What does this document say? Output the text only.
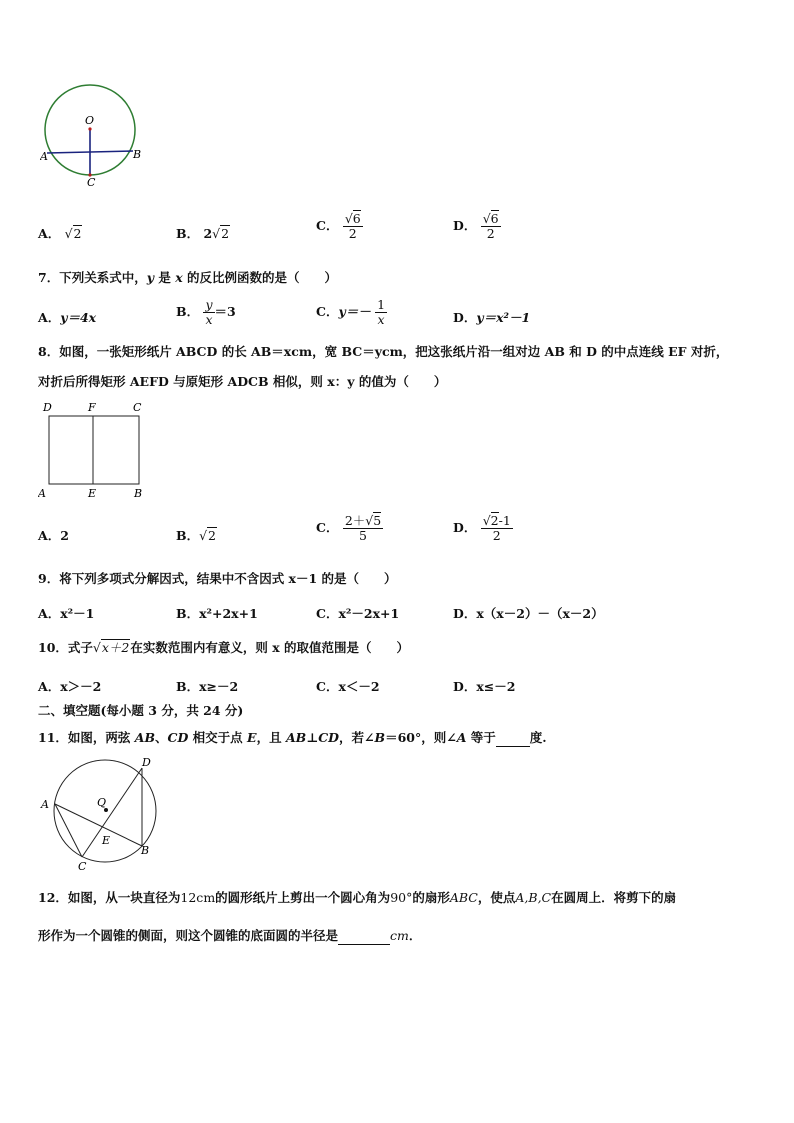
O
A	B
C
A． √2	B． 2√2
C． $\frac{√6}{2}$	D． $\frac{√6}{2}$
7．下列关系式中，y 是 x 的反比例函数的是（　　）
A．y＝4x	B． $\frac{y}{x} =3$	C．$y=- \frac{1}{x}$	D．y＝x²－1
8．如图，一张矩形纸片 ABCD 的长 AB＝xcm，宽 BC＝ycm，把这张纸片沿一组对边 AB 和 D 的中点连线 EF 对折，
对折后所得矩形 AEFD 与原矩形 ADCB 相似，则 x：y 的值为（　　）
D	F	C
A	E	B
A．2	B．√2
C． $\frac{2+√5}{5}$	D． $\frac{√2-1}{2}$
9．将下列多项式分解因式，结果中不含因式 x－1 的是（　　）
A．x²－1	B．x²+2x+1	C．x²－2x+1	D．x（x－2）－（x－2）
10．式子√x＋2在实数范围内有意义，则 x 的取值范围是（　　）
A．x＞－2	B．x≥－2	C．x＜－2	D．x≤－2
二、填空题(每小题 3 分，共 24 分)
11．如图，两弦 AB、CD 相交于点 E，且 AB⊥CD，若∠B＝60°，则∠A 等于	度.
D
A	Q
E
C
B
12．如图，从一块直径为12cm的圆形纸片上剪出一个圆心角为90°的扇形ABC，使点A,B,C在圆周上．将剪下的扇
形作为一个圆锥的侧面，则这个圆锥的底面圆的半径是	cm．
